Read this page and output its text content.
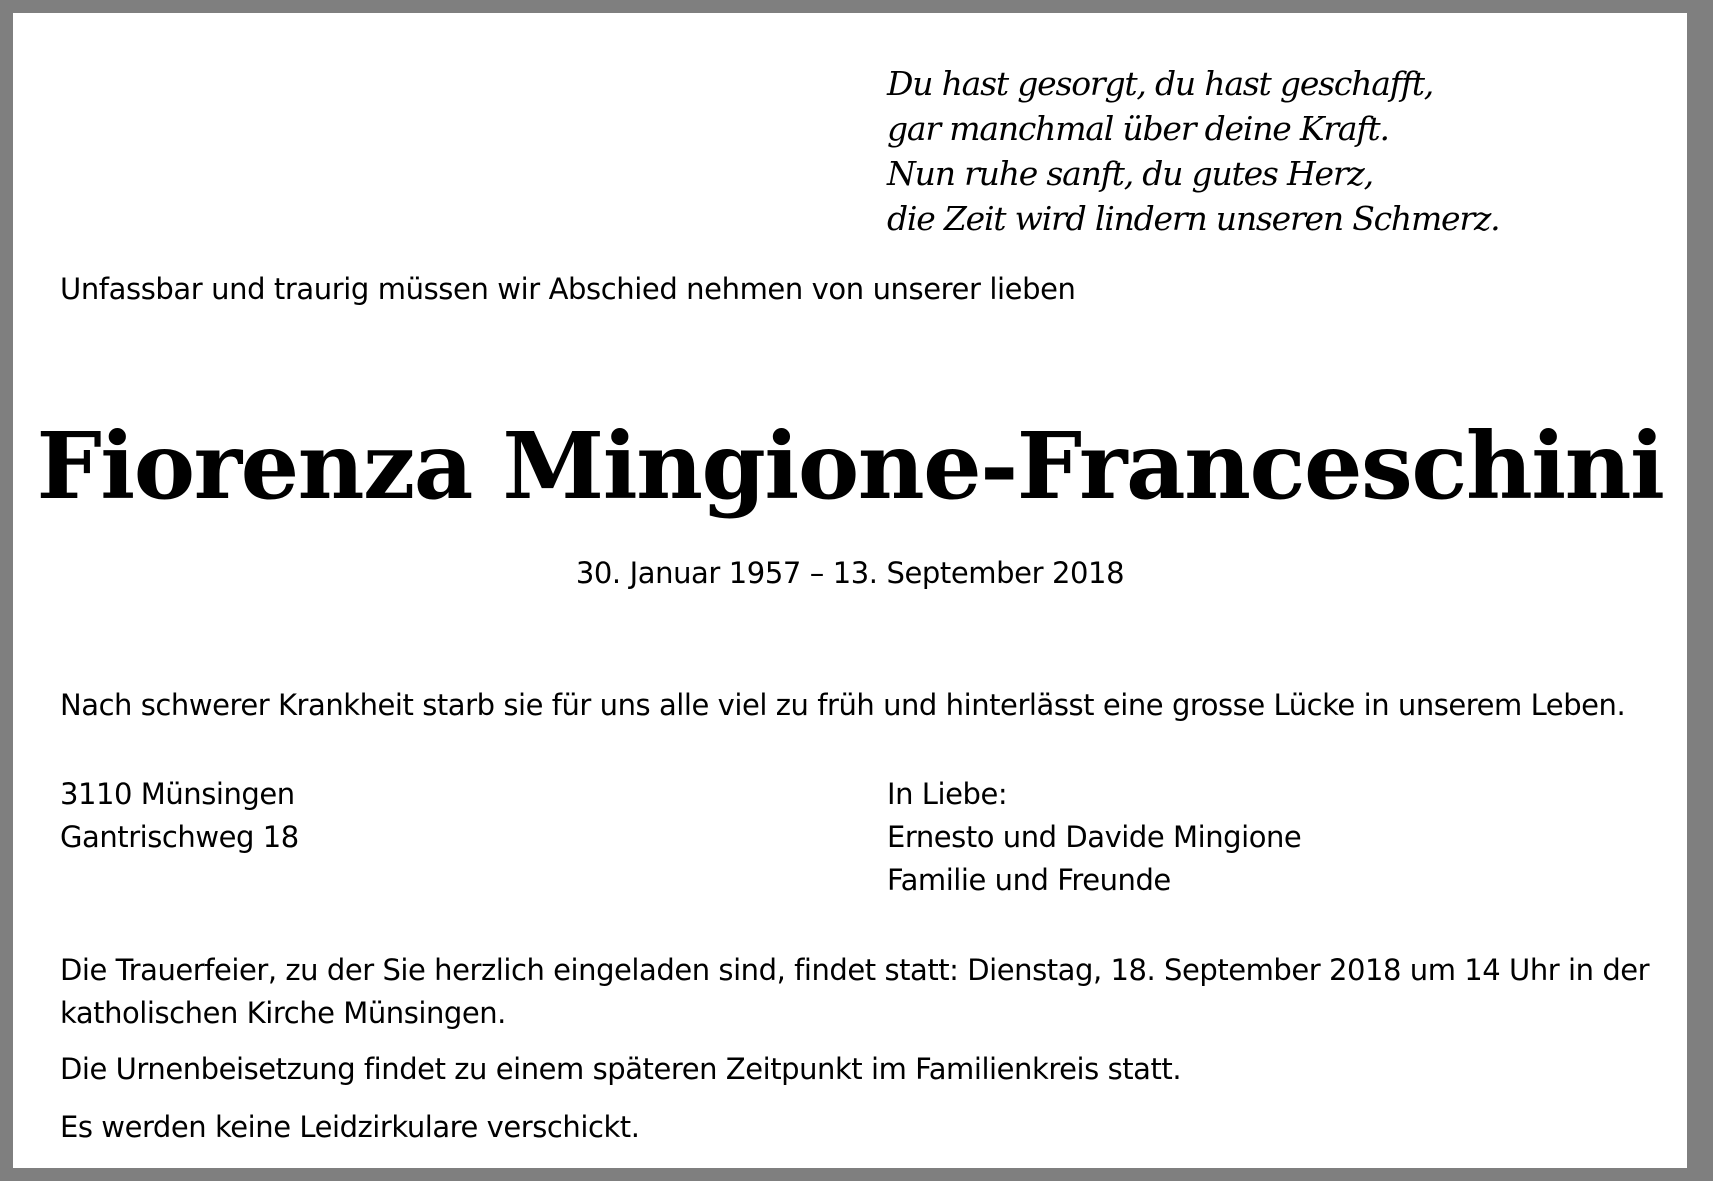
Du hast gesorgt, du hast geschafft,
gar manchmal über deine Kraft.
Nun ruhe sanft, du gutes Herz,
die Zeit wird lindern unseren Schmerz.

Unfassbar und traurig müssen wir Abschied nehmen von unserer lieben

Fiorenza Mingione-Franceschini
30. Januar 1957 – 13. September 2018

Nach schwerer Krankheit starb sie für uns alle viel zu früh und hinterlässt eine grosse Lücke in unserem Leben.

3110 Münsingen
Gantrischweg 18
In Liebe:
Ernesto und Davide Mingione
Familie und Freunde

Die Trauerfeier, zu der Sie herzlich eingeladen sind, findet statt: Dienstag, 18. September 2018 um 14 Uhr in der katholischen Kirche Münsingen.

Die Urnenbeisetzung findet zu einem späteren Zeitpunkt im Familienkreis statt.

Es werden keine Leidzirkulare verschickt.
